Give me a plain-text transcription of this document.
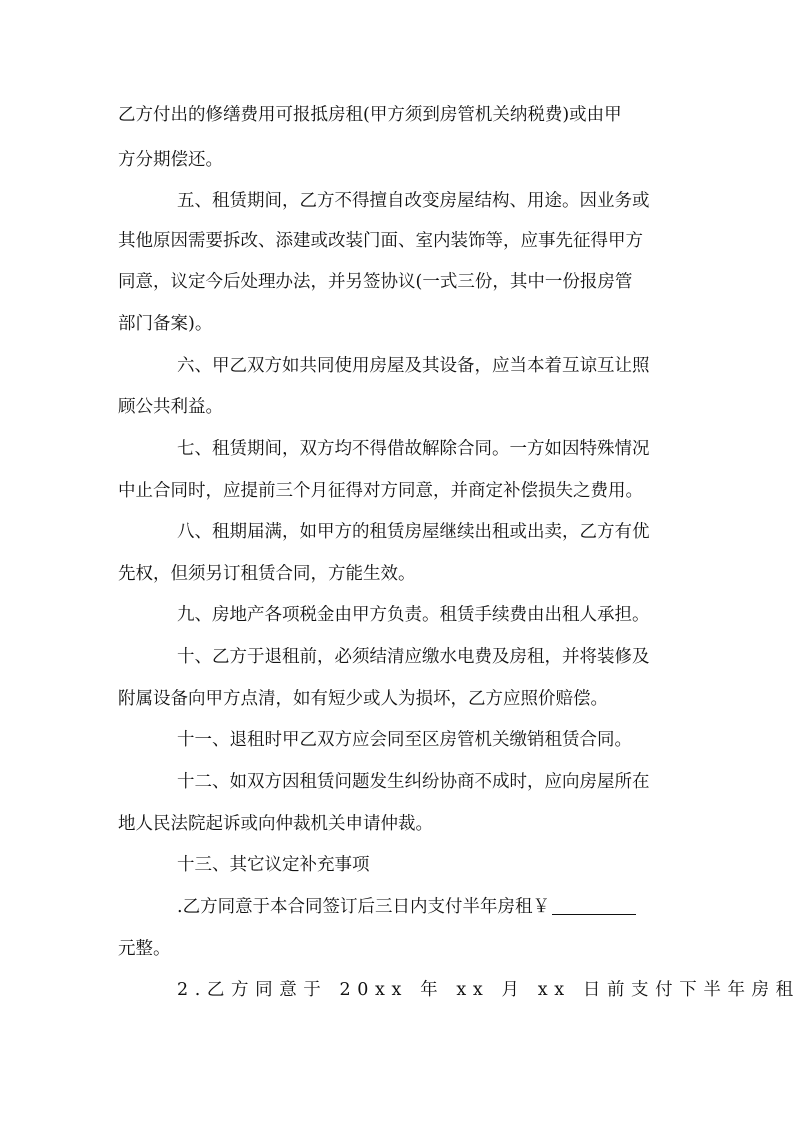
乙方付出的修缮费用可报抵房租(甲方须到房管机关纳税费)或由甲
方分期偿还。
五、租赁期间，乙方不得擅自改变房屋结构、用途。因业务或
其他原因需要拆改、添建或改装门面、室内装饰等，应事先征得甲方
同意，议定今后处理办法，并另签协议(一式三份，其中一份报房管
部门备案)。
六、甲乙双方如共同使用房屋及其设备，应当本着互谅互让照
顾公共利益。
七、租赁期间，双方均不得借故解除合同。一方如因特殊情况
中止合同时，应提前三个月征得对方同意，并商定补偿损失之费用。
八、租期届满，如甲方的租赁房屋继续出租或出卖，乙方有优
先权，但须另订租赁合同，方能生效。
九、房地产各项税金由甲方负责。租赁手续费由出租人承担。
十、乙方于退租前，必须结清应缴水电费及房租，并将装修及
附属设备向甲方点清，如有短少或人为损坏，乙方应照价赔偿。
十一、退租时甲乙双方应会同至区房管机关缴销租赁合同。
十二、如双方因租赁问题发生纠纷协商不成时，应向房屋所在
地人民法院起诉或向仲裁机关申请仲裁。
十三、其它议定补充事项
.乙方同意于本合同签订后三日内支付半年房租￥
元整。
2.乙方同意于 20xx 年 xx 月 xx 日前支付下半年房租
